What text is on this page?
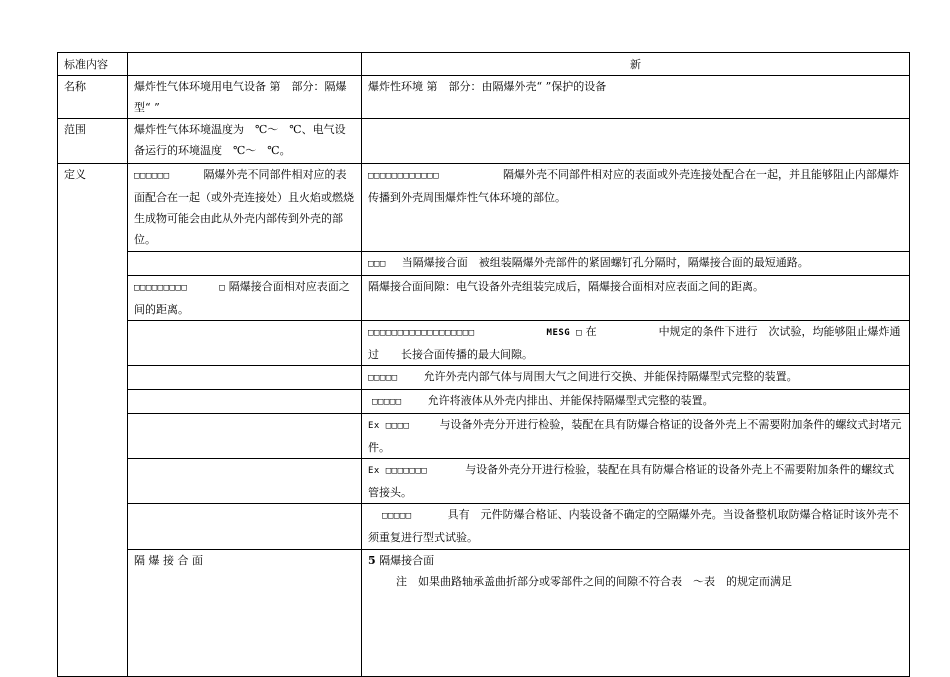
标准内容		新	
名称	爆炸性气体环境用电气设备 第　部分：隔爆型“ ”	爆炸性环境 第　部分：由隔爆外壳“ ”保护的设备	
范围	爆炸性气体环境温度为　℃～　℃、电气设备运行的环境温度　℃～　℃。		
定义	□□□□□□ 隔爆外壳不同部件相对应的表面配合在一起（或外壳连接处）且火焰或燃烧生成物可能会由此从外壳内部传到外壳的部位。	□□□□□□□□□□□□ 隔爆外壳不同部件相对应的表面或外壳连接处配合在一起，并且能够阻止内部爆炸传播到外壳周围爆炸性气体环境的部位。	
		□□□ 当隔爆接合面　被组装隔爆外壳部件的紧固螺钉孔分隔时，隔爆接合面的最短通路。	
	□□□□□□□□□ □ 隔爆接合面相对应表面之间的距离。	隔爆接合面间隙：电气设备外壳组装完成后，隔爆接合面相对应表面之间的距离。	
		□□□□□□□□□□□□□□□□□□ MESG □ 在 中规定的条件下进行　次试验，均能够阻止爆炸通过　　长接合面传播的最大间隙。	
		□□□□□ 允许外壳内部气体与周围大气之间进行交换、并能保持隔爆型式完整的装置。	
		□□□□□ 允许将液体从外壳内排出、并能保持隔爆型式完整的装置。	
		Ex □□□□ 与设备外壳分开进行检验，装配在具有防爆合格证的设备外壳上不需要附加条件的螺纹式封堵元件。	
		Ex □□□□□□□ 与设备外壳分开进行检验，装配在具有防爆合格证的设备外壳上不需要附加条件的螺纹式管接头。	
		□□□□□ 具有　元件防爆合格证、内装设备不确定的空隔爆外壳。当设备整机取防爆合格证时该外壳不须重复进行型式试验。	
	隔 爆 接 合 面	5 隔爆接合面
注　如果曲路轴承盖曲折部分或零部件之间的间隙不符合表　～表　的规定而满足	
